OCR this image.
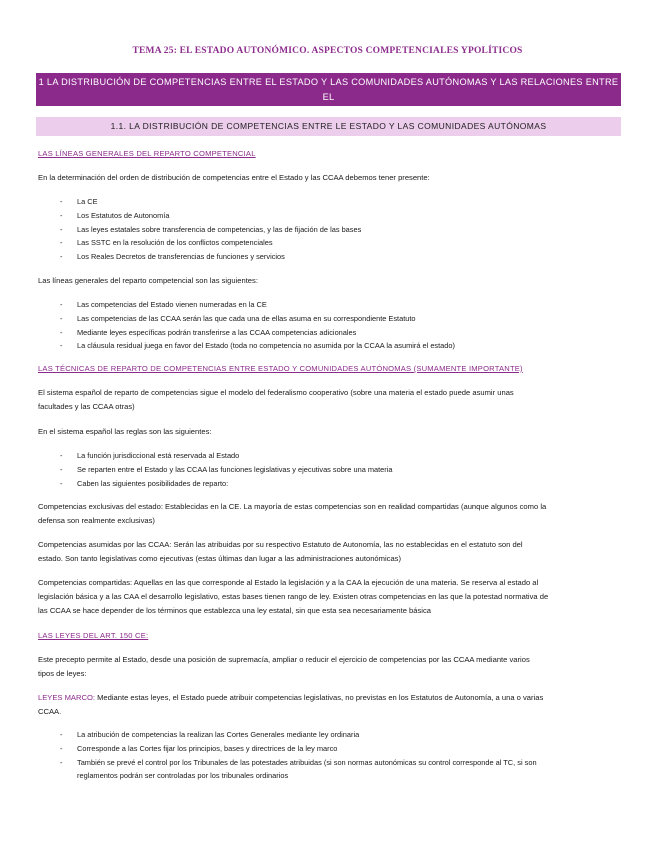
TEMA 25: EL ESTADO AUTONÓMICO. ASPECTOS COMPETENCIALES YPOLÍTICOS
1 LA DISTRIBUCIÓN DE COMPETENCIAS ENTRE EL ESTADO Y LAS COMUNIDADES AUTÓNOMAS Y LAS RELACIONES ENTRE EL
ORDENAMIENTO ESTATAL Y AUTONÓMICO
1.1. LA DISTRIBUCIÓN DE COMPETENCIAS ENTRE LE ESTADO Y LAS COMUNIDADES AUTÓNOMAS
LAS LÍNEAS GENERALES DEL REPARTO COMPETENCIAL
En la determinación del orden de distribución de competencias entre el Estado y las CCAA debemos tener presente:
- La CE
- Los Estatutos de Autonomía
- Las leyes estatales sobre transferencia de competencias, y las de fijación de las bases
- Las SSTC en la resolución de los conflictos competenciales
- Los Reales Decretos de transferencias de funciones y servicios
Las líneas generales del reparto competencial son las siguientes:
- Las competencias del Estado vienen numeradas en la CE
- Las competencias de las CCAA serán las que cada una de ellas asuma en su correspondiente Estatuto
- Mediante leyes específicas podrán transferirse a las CCAA competencias adicionales
- La cláusula residual juega en favor del Estado (toda no competencia no asumida por la CCAA la asumirá el estado)
LAS TÉCNICAS DE REPARTO DE COMPETENCIAS ENTRE ESTADO Y COMUNIDADES AUTÓNOMAS (SUMAMENTE IMPORTANTE)
El sistema español de reparto de competencias sigue el modelo del federalismo cooperativo (sobre una materia el estado puede asumir unas
facultades y las CCAA otras)
En el sistema español las reglas son las siguientes:
- La función jurisdiccional está reservada al Estado
- Se reparten entre el Estado y las CCAA las funciones legislativas y ejecutivas sobre una materia
- Caben las siguientes posibilidades de reparto:
Competencias exclusivas del estado: Establecidas en la CE. La mayoría de estas competencias son en realidad compartidas (aunque algunos como la
defensa son realmente exclusivas)
Competencias asumidas por las CCAA: Serán las atribuidas por su respectivo Estatuto de Autonomía, las no establecidas en el estatuto son del
estado. Son tanto legislativas como ejecutivas (estas últimas dan lugar a las administraciones autonómicas)
Competencias compartidas: Aquellas en las que corresponde al Estado la legislación y a la CAA la ejecución de una materia. Se reserva al estado al
legislación básica y a las CAA el desarrollo legislativo, estas bases tienen rango de ley. Existen otras competencias en las que la potestad normativa de
las CCAA se hace depender de los términos que establezca una ley estatal, sin que esta sea necesariamente básica
LAS LEYES DEL ART. 150 CE:
Este precepto permite al Estado, desde una posición de supremacía, ampliar o reducir el ejercicio de competencias por las CCAA mediante varios
tipos de leyes:
LEYES MARCO: Mediante estas leyes, el Estado puede atribuir competencias legislativas, no previstas en los Estatutos de Autonomía, a una o varias
CCAA.
- La atribución de competencias la realizan las Cortes Generales mediante ley ordinaria
- Corresponde a las Cortes fijar los principios, bases y directrices de la ley marco
- También se prevé el control por los Tribunales de las potestades atribuidas (si son normas autonómicas su control corresponde al TC, si son
reglamentos podrán ser controladas por los tribunales ordinarios
